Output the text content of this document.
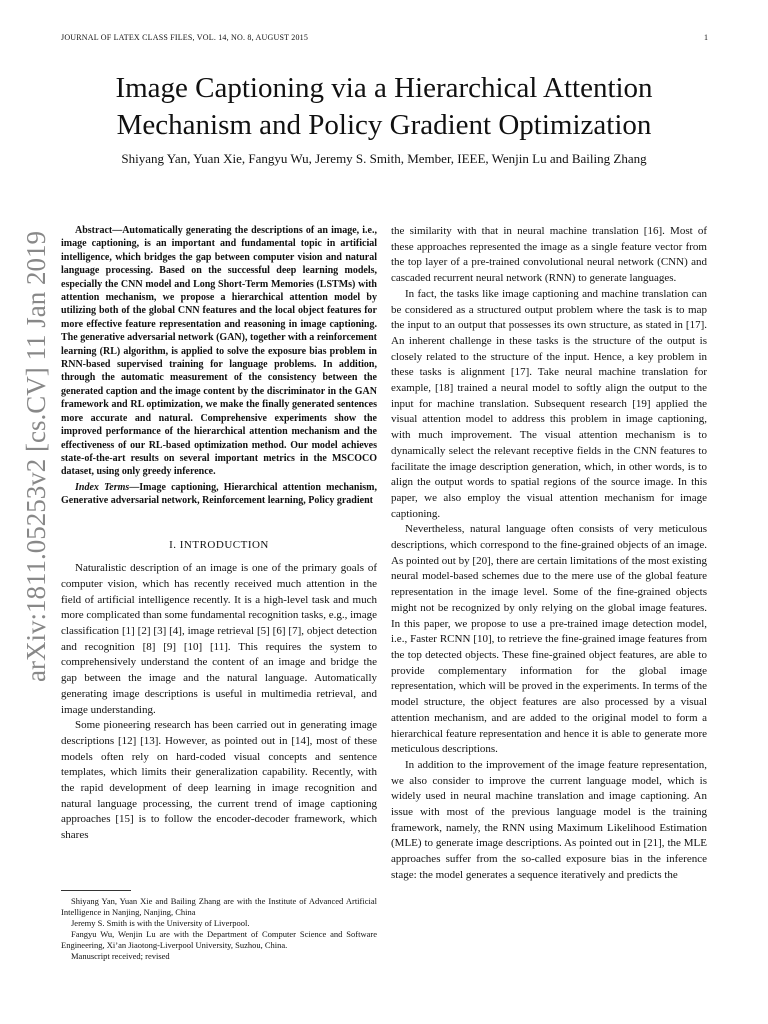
JOURNAL OF LATEX CLASS FILES, VOL. 14, NO. 8, AUGUST 2015	1
Image Captioning via a Hierarchical Attention
Mechanism and Policy Gradient Optimization
Shiyang Yan, Yuan Xie, Fangyu Wu, Jeremy S. Smith, Member, IEEE, Wenjin Lu and Bailing Zhang
arXiv:1811.05253v2 [cs.CV] 11 Jan 2019

Abstract—Automatically generating the descriptions of an image, i.e., image captioning, is an important and fundamental topic in artificial intelligence, which bridges the gap between computer vision and natural language processing. Based on the successful deep learning models, especially the CNN model and Long Short-Term Memories (LSTMs) with attention mechanism, we propose a hierarchical attention model by utilizing both of the global CNN features and the local object features for more effective feature representation and reasoning in image captioning. The generative adversarial network (GAN), together with a reinforcement learning (RL) algorithm, is applied to solve the exposure bias problem in RNN-based supervised training for language problems. In addition, through the automatic measurement of the consistency between the generated caption and the image content by the discriminator in the GAN framework and RL optimization, we make the finally generated sentences more accurate and natural. Comprehensive experiments show the improved performance of the hierarchical attention mechanism and the effectiveness of our RL-based optimization method. Our model achieves state-of-the-art results on several important metrics in the MSCOCO dataset, using only greedy inference.

Index Terms—Image captioning, Hierarchical attention mechanism, Generative adversarial network, Reinforcement learning, Policy gradient

I. INTRODUCTION

Naturalistic description of an image is one of the primary goals of computer vision, which has recently received much attention in the field of artificial intelligence recently. It is a high-level task and much more complicated than some fundamental recognition tasks, e.g., image classification [1] [2] [3] [4], image retrieval [5] [6] [7], object detection and recognition [8] [9] [10] [11]. This requires the system to comprehensively understand the content of an image and bridge the gap between the image and the natural language. Automatically generating image descriptions is useful in multimedia retrieval, and image understanding.

Some pioneering research has been carried out in generating image descriptions [12] [13]. However, as pointed out in [14], most of these models often rely on hard-coded visual concepts and sentence templates, which limits their generalization capability. Recently, with the rapid development of deep learning in image recognition and natural language processing, the current trend of image captioning approaches [15] is to follow the encoder-decoder framework, which shares

Shiyang Yan, Yuan Xie and Bailing Zhang are with the Institute of Advanced Artificial Intelligence in Nanjing, Nanjing, China

Jeremy S. Smith is with the University of Liverpool.

Fangyu Wu, Wenjin Lu are with the Department of Computer Science and Software Engineering, Xi’an Jiaotong-Liverpool University, Suzhou, China.

Manuscript received; revised

the similarity with that in neural machine translation [16]. Most of these approaches represented the image as a single feature vector from the top layer of a pre-trained convolutional neural network (CNN) and cascaded recurrent neural network (RNN) to generate languages.

In fact, the tasks like image captioning and machine translation can be considered as a structured output problem where the task is to map the input to an output that possesses its own structure, as stated in [17]. An inherent challenge in these tasks is the structure of the output is closely related to the structure of the input. Hence, a key problem in these tasks is alignment [17]. Take neural machine translation for example, [18] trained a neural model to softly align the output to the input for machine translation. Subsequent research [19] applied the visual attention model to address this problem in image captioning, with much improvement. The visual attention mechanism is to dynamically select the relevant receptive fields in the CNN features to facilitate the image description generation, which, in other words, is to align the output words to spatial regions of the source image. In this paper, we also employ the visual attention mechanism for image captioning.

Nevertheless, natural language often consists of very meticulous descriptions, which correspond to the fine-grained objects of an image. As pointed out by [20], there are certain limitations of the most existing neural model-based schemes due to the mere use of the global feature representation in the image level. Some of the fine-grained objects might not be recognized by only relying on the global image features. In this paper, we propose to use a pre-trained image detection model, i.e., Faster RCNN [10], to retrieve the fine-grained image features from the top detected objects. These fine-grained object features, are able to provide complementary information for the global image representation, which will be proved in the experiments. In terms of the model structure, the object features are also processed by a visual attention mechanism, and are added to the original model to form a hierarchical feature representation and hence it is able to generate more meticulous descriptions.

In addition to the improvement of the image feature representation, we also consider to improve the current language model, which is widely used in neural machine translation and image captioning. An issue with most of the previous language model is the training framework, namely, the RNN using Maximum Likelihood Estimation (MLE) to generate image descriptions. As pointed out in [21], the MLE approaches suffer from the so-called exposure bias in the inference stage: the model generates a sequence iteratively and predicts the
